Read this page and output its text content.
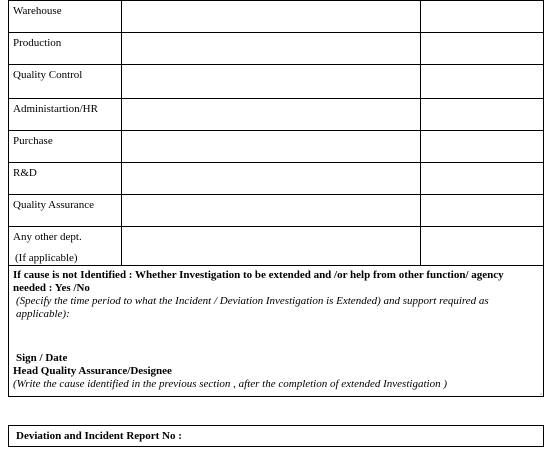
Warehouse		
Production		
Quality Control		
Administartion/HR		
Purchase		
R&D		
Quality Assurance		
Any other dept.
(If applicable)		

If cause is not Identified : Whether Investigation to be extended and /or help from other function/ agency needed : Yes /No
(Specify the time period to what the Incident / Deviation Investigation is Extended) and support required as applicable):
Sign / Date
Head Quality Assurance/Designee
(Write the cause identified in the previous section , after the completion of extended Investigation )
▫
Deviation and Incident Report No :
